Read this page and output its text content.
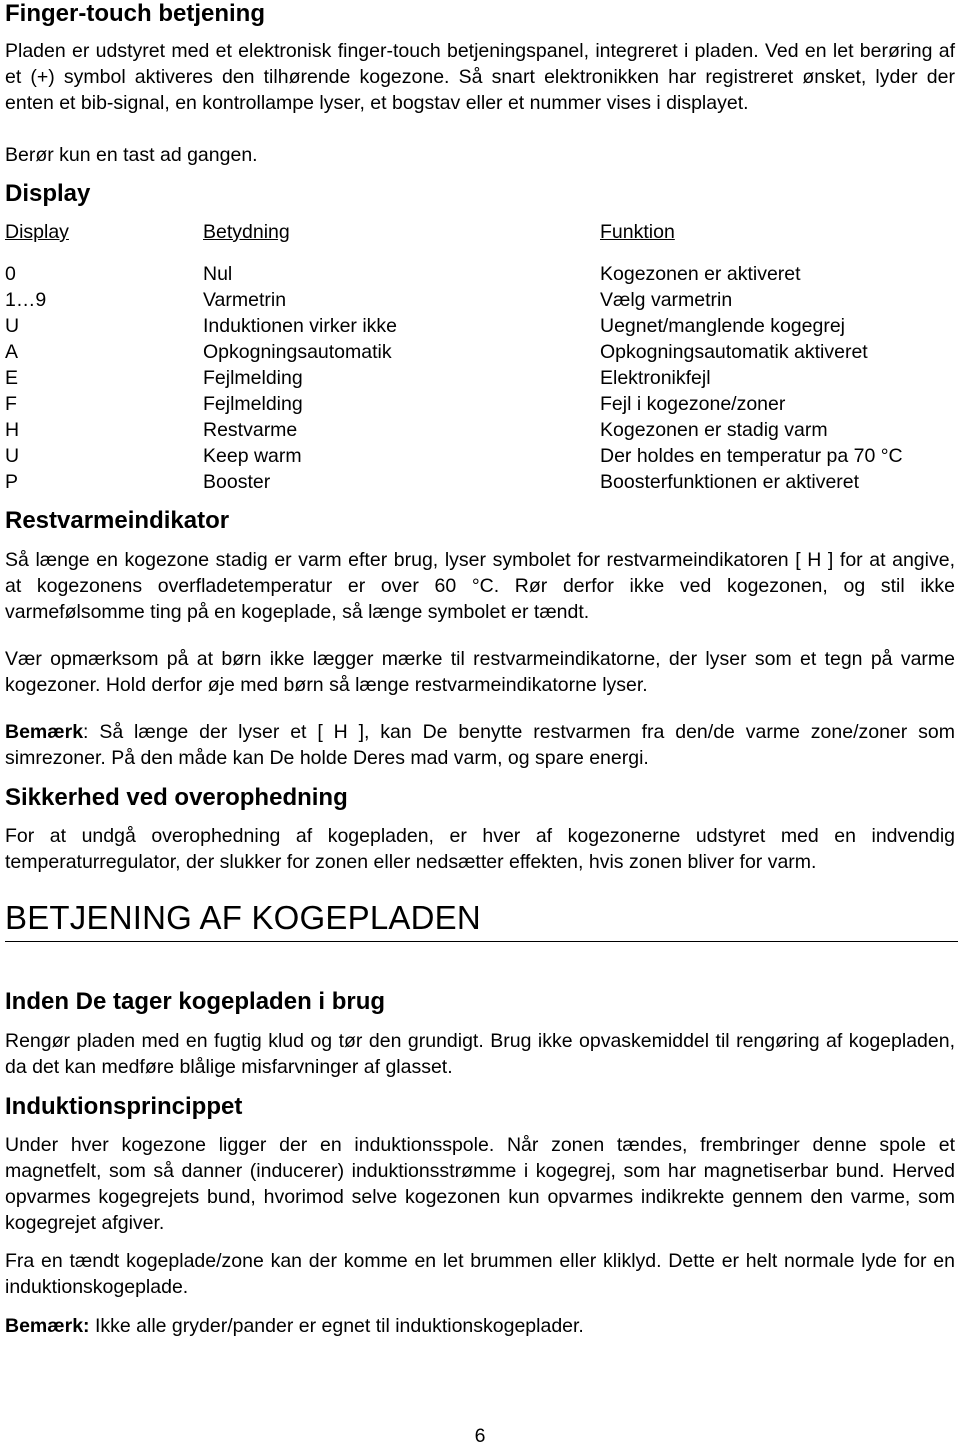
Finger-touch betjening

Pladen er udstyret med et elektronisk finger-touch betjeningspanel, integreret i pladen. Ved en let berøring af et (+) symbol aktiveres den tilhørende kogezone. Så snart elektronikken har registreret ønsket, lyder der enten et bib-signal, en kontrollampe lyser, et bogstav eller et nummer vises i displayet.

Berør kun en tast ad gangen.

Display
Display	Betydning	Funktion
0	Nul	Kogezonen er aktiveret
1…9	Varmetrin	Vælg varmetrin
U	Induktionen virker ikke	Uegnet/manglende kogegrej
A	Opkogningsautomatik	Opkogningsautomatik aktiveret
E	Fejlmelding	Elektronikfejl
F	Fejlmelding	Fejl i kogezone/zoner
H	Restvarme	Kogezonen er stadig varm
U	Keep warm	Der holdes en temperatur pa 70 °C
P	Booster	Boosterfunktionen er aktiveret
Restvarmeindikator

Så længe en kogezone stadig er varm efter brug, lyser symbolet for restvarmeindikatoren [ H ] for at angive, at kogezonens overfladetemperatur er over 60 °C. Rør derfor ikke ved kogezonen, og stil ikke varmefølsomme ting på en kogeplade, så længe symbolet er tændt.

Vær opmærksom på at børn ikke lægger mærke til restvarmeindikatorne, der lyser som et tegn på varme kogezoner. Hold derfor øje med børn så længe restvarmeindikatorne lyser.

Bemærk: Så længe der lyser et [ H ], kan De benytte restvarmen fra den/de varme zone/zoner som simrezoner. På den måde kan De holde Deres mad varm, og spare energi.

Sikkerhed ved overophedning

For at undgå overophedning af kogepladen, er hver af kogezonerne udstyret med en indvendig temperaturregulator, der slukker for zonen eller nedsætter effekten, hvis zonen bliver for varm.

BETJENING AF KOGEPLADEN
Inden De tager kogepladen i brug

Rengør pladen med en fugtig klud og tør den grundigt. Brug ikke opvaskemiddel til rengøring af kogepladen, da det kan medføre blålige misfarvninger af glasset.

Induktionsprincippet

Under hver kogezone ligger der en induktionsspole. Når zonen tændes, frembringer denne spole et magnetfelt, som så danner (inducerer) induktionsstrømme i kogegrej, som har magnetiserbar bund. Herved opvarmes kogegrejets bund, hvorimod selve kogezonen kun opvarmes indikrekte gennem den varme, som kogegrejet afgiver.

Fra en tændt kogeplade/zone kan der komme en let brummen eller kliklyd. Dette er helt normale lyde for en induktionskogeplade.

Bemærk: Ikke alle gryder/pander er egnet til induktionskogeplader.

6
